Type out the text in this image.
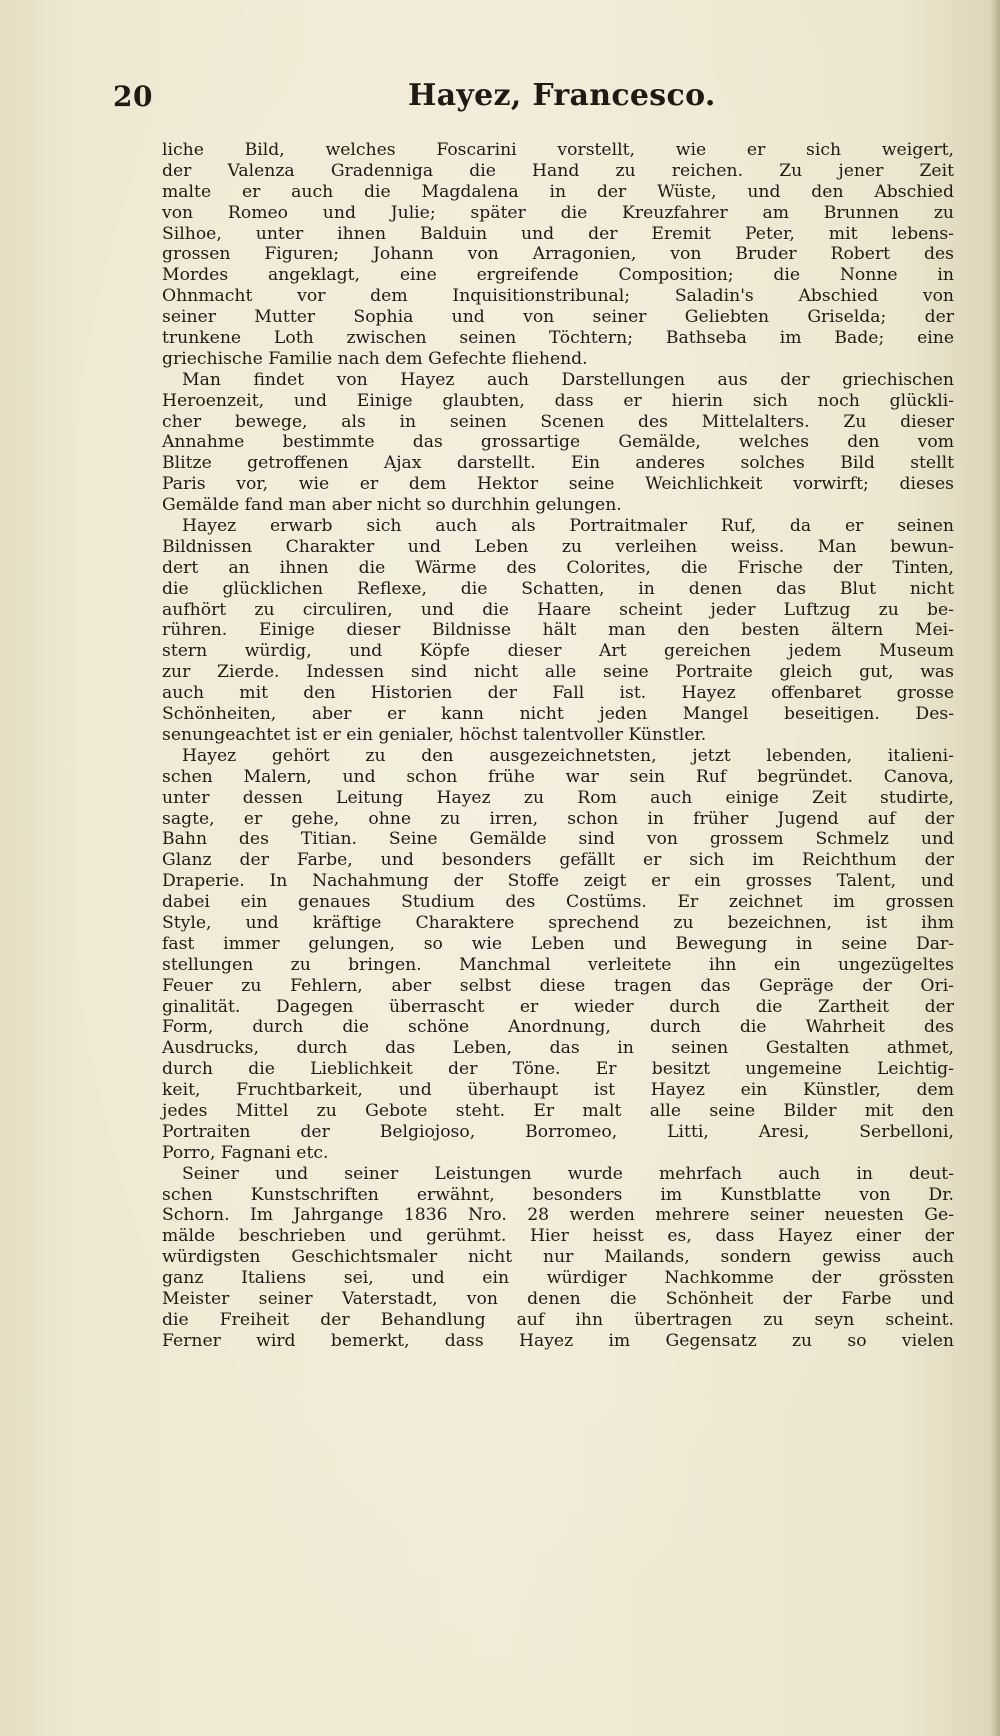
20	Hayez, Francesco.
liche Bild, welches Foscarini vorstellt, wie er sich weigert,
der Valenza Gradenniga die Hand zu reichen. Zu jener Zeit
malte er auch die Magdalena in der Wüste, und den Abschied
von Romeo und Julie; später die Kreuzfahrer am Brunnen zu
Silhoe, unter ihnen Balduin und der Eremit Peter, mit lebens-
grossen Figuren; Johann von Arragonien, von Bruder Robert des
Mordes angeklagt, eine ergreifende Composition; die Nonne in
Ohnmacht vor dem Inquisitionstribunal; Saladin's Abschied von
seiner Mutter Sophia und von seiner Geliebten Griselda; der
trunkene Loth zwischen seinen Töchtern; Bathseba im Bade; eine
griechische Familie nach dem Gefechte fliehend.
Man findet von Hayez auch Darstellungen aus der griechischen
Heroenzeit, und Einige glaubten, dass er hierin sich noch glückli-
cher bewege, als in seinen Scenen des Mittelalters. Zu dieser
Annahme bestimmte das grossartige Gemälde, welches den vom
Blitze getroffenen Ajax darstellt. Ein anderes solches Bild stellt
Paris vor, wie er dem Hektor seine Weichlichkeit vorwirft; dieses
Gemälde fand man aber nicht so durchhin gelungen.
Hayez erwarb sich auch als Portraitmaler Ruf, da er seinen
Bildnissen Charakter und Leben zu verleihen weiss. Man bewun-
dert an ihnen die Wärme des Colorites, die Frische der Tinten,
die glücklichen Reflexe, die Schatten, in denen das Blut nicht
aufhört zu circuliren, und die Haare scheint jeder Luftzug zu be-
rühren. Einige dieser Bildnisse hält man den besten ältern Mei-
stern würdig, und Köpfe dieser Art gereichen jedem Museum
zur Zierde. Indessen sind nicht alle seine Portraite gleich gut, was
auch mit den Historien der Fall ist. Hayez offenbaret grosse
Schönheiten, aber er kann nicht jeden Mangel beseitigen. Des-
senungeachtet ist er ein genialer, höchst talentvoller Künstler.
Hayez gehört zu den ausgezeichnetsten, jetzt lebenden, italieni-
schen Malern, und schon frühe war sein Ruf begründet. Canova,
unter dessen Leitung Hayez zu Rom auch einige Zeit studirte,
sagte, er gehe, ohne zu irren, schon in früher Jugend auf der
Bahn des Titian. Seine Gemälde sind von grossem Schmelz und
Glanz der Farbe, und besonders gefällt er sich im Reichthum der
Draperie. In Nachahmung der Stoffe zeigt er ein grosses Talent, und
dabei ein genaues Studium des Costüms. Er zeichnet im grossen
Style, und kräftige Charaktere sprechend zu bezeichnen, ist ihm
fast immer gelungen, so wie Leben und Bewegung in seine Dar-
stellungen zu bringen. Manchmal verleitete ihn ein ungezügeltes
Feuer zu Fehlern, aber selbst diese tragen das Gepräge der Ori-
ginalität. Dagegen überrascht er wieder durch die Zartheit der
Form, durch die schöne Anordnung, durch die Wahrheit des
Ausdrucks, durch das Leben, das in seinen Gestalten athmet,
durch die Lieblichkeit der Töne. Er besitzt ungemeine Leichtig-
keit, Fruchtbarkeit, und überhaupt ist Hayez ein Künstler, dem
jedes Mittel zu Gebote steht. Er malt alle seine Bilder mit den
Portraiten der Belgiojoso, Borromeo, Litti, Aresi, Serbelloni,
Porro, Fagnani etc.
Seiner und seiner Leistungen wurde mehrfach auch in deut-
schen Kunstschriften erwähnt, besonders im Kunstblatte von Dr.
Schorn. Im Jahrgange 1836 Nro. 28 werden mehrere seiner neuesten Ge-
mälde beschrieben und gerühmt. Hier heisst es, dass Hayez einer der
würdigsten Geschichtsmaler nicht nur Mailands, sondern gewiss auch
ganz Italiens sei, und ein würdiger Nachkomme der grössten
Meister seiner Vaterstadt, von denen die Schönheit der Farbe und
die Freiheit der Behandlung auf ihn übertragen zu seyn scheint.
Ferner wird bemerkt, dass Hayez im Gegensatz zu so vielen
